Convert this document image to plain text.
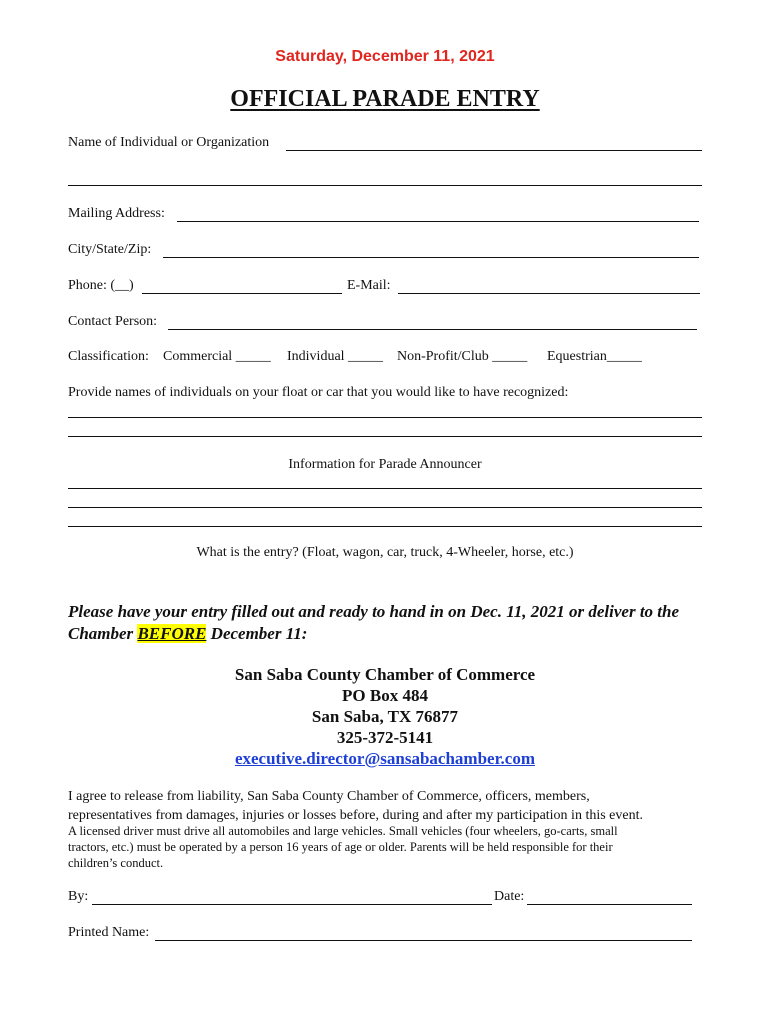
Saturday, December 11, 2021
OFFICIAL PARADE ENTRY
Name of Individual or Organization
Mailing Address:
City/State/Zip:
Phone: (__)	E-Mail:
Contact Person:
Classification: Commercial _____ Individual _____ Non-Profit/Club _____ Equestrian_____
Provide names of individuals on your float or car that you would like to have recognized:
Information for Parade Announcer
What is the entry? (Float, wagon, car, truck, 4-Wheeler, horse, etc.)
Please have your entry filled out and ready to hand in on Dec. 11, 2021 or deliver to the
Chamber BEFORE December 11:
San Saba County Chamber of Commerce
PO Box 484
San Saba, TX 76877
325-372-5141
executive.director@sansabachamber.com
I agree to release from liability, San Saba County Chamber of Commerce, officers, members,
representatives from damages, injuries or losses before, during and after my participation in this event.
A licensed driver must drive all automobiles and large vehicles. Small vehicles (four wheelers, go-carts, small
tractors, etc.) must be operated by a person 16 years of age or older. Parents will be held responsible for their
children’s conduct.
By:	Date:
Printed Name:
